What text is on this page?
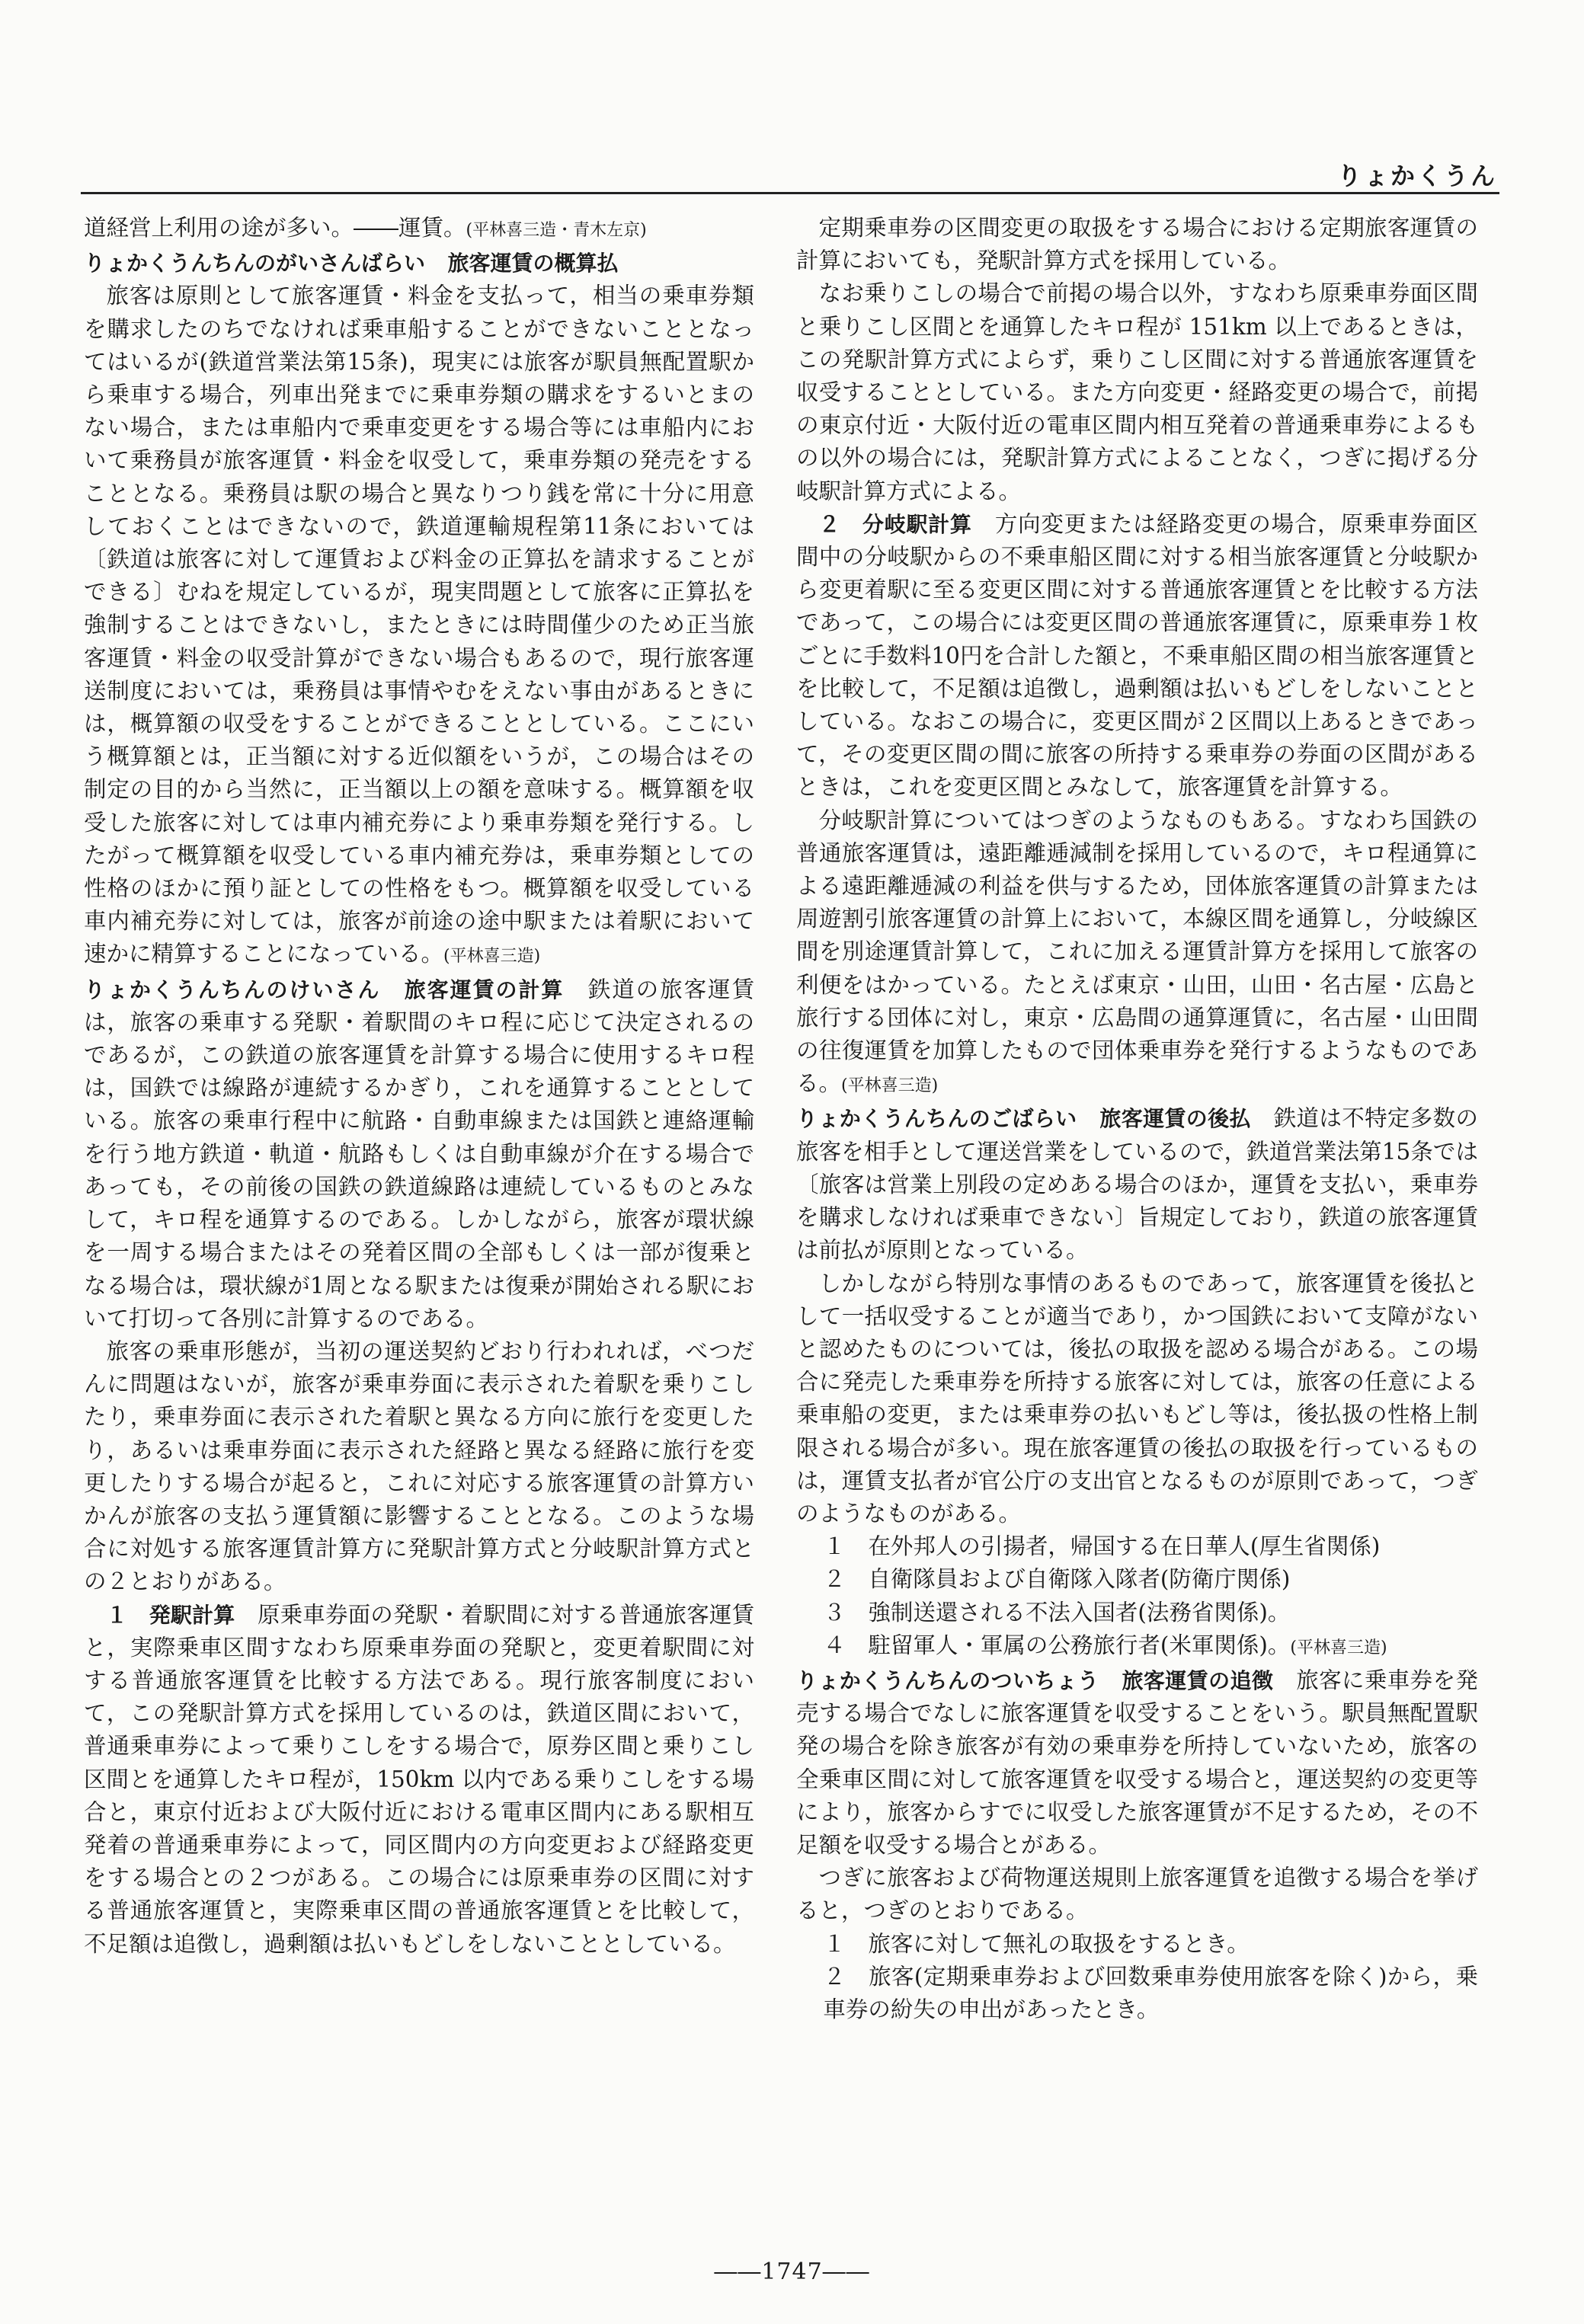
りょかくうん

道経営上利用の途が多い。――運賃。(平林喜三造・青木左京)

りょかくうんちんのがいさんばらい　 旅客運賃の概算払

旅客は原則として旅客運賃・料金を支払って，相当の乗車券類を購求したのちでなければ乗車船することができないこととなってはいるが(鉄道営業法第15条)，現実には旅客が駅員無配置駅から乗車する場合，列車出発までに乗車券類の購求をするいとまのない場合，または車船内で乗車変更をする場合等には車船内において乗務員が旅客運賃・料金を収受して，乗車券類の発売をすることとなる。乗務員は駅の場合と異なりつり銭を常に十分に用意しておくことはできないので，鉄道運輸規程第11条においては〔鉄道は旅客に対して運賃および料金の正算払を請求することができる〕むねを規定しているが，現実問題として旅客に正算払を強制することはできないし，またときには時間僅少のため正当旅客運賃・料金の収受計算ができない場合もあるので，現行旅客運送制度においては，乗務員は事情やむをえない事由があるときには，概算額の収受をすることができることとしている。ここにいう概算額とは，正当額に対する近似額をいうが，この場合はその制定の目的から当然に，正当額以上の額を意味する。概算額を収受した旅客に対しては車内補充券により乗車券類を発行する。したがって概算額を収受している車内補充券は，乗車券類としての性格のほかに預り証としての性格をもつ。概算額を収受している車内補充券に対しては，旅客が前途の途中駅または着駅において速かに精算することになっている。(平林喜三造)

りょかくうんちんのけいさん　 旅客運賃の計算　 鉄道の旅客運賃は，旅客の乗車する発駅・着駅間のキロ程に応じて決定されるのであるが，この鉄道の旅客運賃を計算する場合に使用するキロ程は，国鉄では線路が連続するかぎり，これを通算することとしている。旅客の乗車行程中に航路・自動車線または国鉄と連絡運輸を行う地方鉄道・軌道・航路もしくは自動車線が介在する場合であっても，その前後の国鉄の鉄道線路は連続しているものとみなして，キロ程を通算するのである。しかしながら，旅客が環状線を一周する場合またはその発着区間の全部もしくは一部が復乗となる場合は，環状線が1周となる駅または復乗が開始される駅において打切って各別に計算するのである。

旅客の乗車形態が，当初の運送契約どおり行われれば，べつだんに問題はないが，旅客が乗車券面に表示された着駅を乗りこしたり，乗車券面に表示された着駅と異なる方向に旅行を変更したり，あるいは乗車券面に表示された経路と異なる経路に旅行を変更したりする場合が起ると，これに対応する旅客運賃の計算方いかんが旅客の支払う運賃額に影響することとなる。このような場合に対処する旅客運賃計算方に発駅計算方式と分岐駅計算方式との２とおりがある。

１　発駅計算　 原乗車券面の発駅・着駅間に対する普通旅客運賃と，実際乗車区間すなわち原乗車券面の発駅と，変更着駅間に対する普通旅客運賃を比較する方法である。現行旅客制度において，この発駅計算方式を採用しているのは，鉄道区間において，普通乗車券によって乗りこしをする場合で，原券区間と乗りこし区間とを通算したキロ程が，150km 以内である乗りこしをする場合と，東京付近および大阪付近における電車区間内にある駅相互発着の普通乗車券によって，同区間内の方向変更および経路変更をする場合との２つがある。この場合には原乗車券の区間に対する普通旅客運賃と，実際乗車区間の普通旅客運賃とを比較して，不足額は追徴し，過剰額は払いもどしをしないこととしている。

定期乗車券の区間変更の取扱をする場合における定期旅客運賃の計算においても，発駅計算方式を採用している。

なお乗りこしの場合で前掲の場合以外，すなわち原乗車券面区間と乗りこし区間とを通算したキロ程が 151km 以上であるときは，この発駅計算方式によらず，乗りこし区間に対する普通旅客運賃を収受することとしている。また方向変更・経路変更の場合で，前掲の東京付近・大阪付近の電車区間内相互発着の普通乗車券によるもの以外の場合には，発駅計算方式によることなく，つぎに掲げる分岐駅計算方式による。

２　分岐駅計算　 方向変更または経路変更の場合，原乗車券面区間中の分岐駅からの不乗車船区間に対する相当旅客運賃と分岐駅から変更着駅に至る変更区間に対する普通旅客運賃とを比較する方法であって，この場合には変更区間の普通旅客運賃に，原乗車券１枚ごとに手数料10円を合計した額と，不乗車船区間の相当旅客運賃とを比較して，不足額は追徴し，過剰額は払いもどしをしないこととしている。なおこの場合に，変更区間が２区間以上あるときであって，その変更区間の間に旅客の所持する乗車券の券面の区間があるときは，これを変更区間とみなして，旅客運賃を計算する。

分岐駅計算についてはつぎのようなものもある。すなわち国鉄の普通旅客運賃は，遠距離逓減制を採用しているので，キロ程通算による遠距離逓減の利益を供与するため，団体旅客運賃の計算または周遊割引旅客運賃の計算上において，本線区間を通算し，分岐線区間を別途運賃計算して，これに加える運賃計算方を採用して旅客の利便をはかっている。たとえば東京・山田，山田・名古屋・広島と旅行する団体に対し，東京・広島間の通算運賃に，名古屋・山田間の往復運賃を加算したもので団体乗車券を発行するようなものである。(平林喜三造)

りょかくうんちんのごばらい　 旅客運賃の後払　 鉄道は不特定多数の旅客を相手として運送営業をしているので，鉄道営業法第15条では〔旅客は営業上別段の定めある場合のほか，運賃を支払い，乗車券を購求しなければ乗車できない〕旨規定しており，鉄道の旅客運賃は前払が原則となっている。

しかしながら特別な事情のあるものであって，旅客運賃を後払として一括収受することが適当であり，かつ国鉄において支障がないと認めたものについては，後払の取扱を認める場合がある。この場合に発売した乗車券を所持する旅客に対しては，旅客の任意による乗車船の変更，または乗車券の払いもどし等は，後払扱の性格上制限される場合が多い。現在旅客運賃の後払の取扱を行っているものは，運賃支払者が官公庁の支出官となるものが原則であって，つぎのようなものがある。

１　在外邦人の引揚者，帰国する在日華人(厚生省関係)

２　自衛隊員および自衛隊入隊者(防衛庁関係)

３　強制送還される不法入国者(法務省関係)。

４　駐留軍人・軍属の公務旅行者(米軍関係)。(平林喜三造)

りょかくうんちんのついちょう　 旅客運賃の追徴　 旅客に乗車券を発売する場合でなしに旅客運賃を収受することをいう。駅員無配置駅発の場合を除き旅客が有効の乗車券を所持していないため，旅客の全乗車区間に対して旅客運賃を収受する場合と，運送契約の変更等により，旅客からすでに収受した旅客運賃が不足するため，その不足額を収受する場合とがある。

つぎに旅客および荷物運送規則上旅客運賃を追徴する場合を挙げると，つぎのとおりである。

１　旅客に対して無礼の取扱をするとき。

２　旅客(定期乗車券および回数乗車券使用旅客を除く)から，乗車券の紛失の申出があったとき。

――1747――
